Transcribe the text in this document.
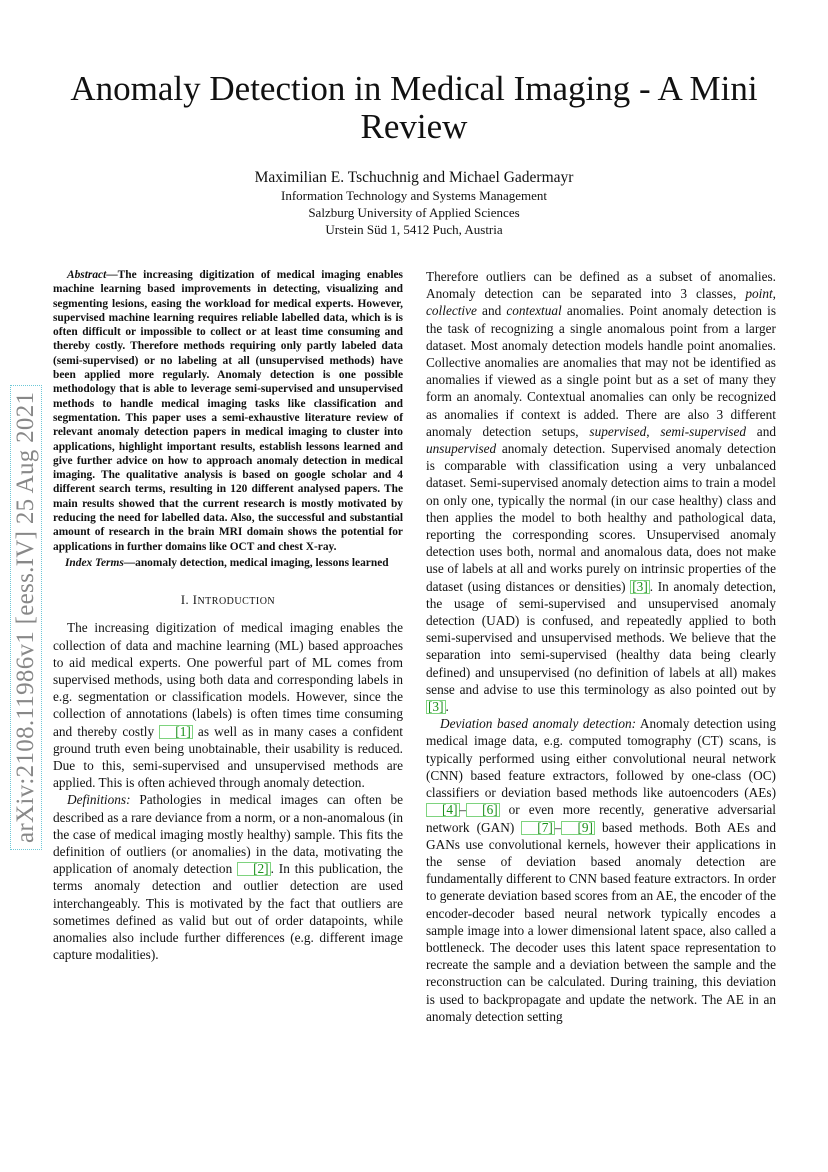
arXiv:2108.11986v1 [eess.IV] 25 Aug 2021
Anomaly Detection in Medical Imaging - A Mini Review
Maximilian E. Tschuchnig and Michael Gadermayr
Information Technology and Systems Management
Salzburg University of Applied Sciences
Urstein Süd 1, 5412 Puch, Austria

Abstract—The increasing digitization of medical imaging enables machine learning based improvements in detecting, visualizing and segmenting lesions, easing the workload for medical experts. However, supervised machine learning requires reliable labelled data, which is is often difficult or impossible to collect or at least time consuming and thereby costly. Therefore methods requiring only partly labeled data (semi-supervised) or no labeling at all (unsupervised methods) have been applied more regularly. Anomaly detection is one possible methodology that is able to leverage semi-supervised and unsupervised methods to handle medical imaging tasks like classification and segmentation. This paper uses a semi-exhaustive literature review of relevant anomaly detection papers in medical imaging to cluster into applications, highlight important results, establish lessons learned and give further advice on how to approach anomaly detection in medical imaging. The qualitative analysis is based on google scholar and 4 different search terms, resulting in 120 different analysed papers. The main results showed that the current research is mostly motivated by reducing the need for labelled data. Also, the successful and substantial amount of research in the brain MRI domain shows the potential for applications in further domains like OCT and chest X-ray.

Index Terms—anomaly detection, medical imaging, lessons learned

I. INTRODUCTION

The increasing digitization of medical imaging enables the collection of data and machine learning (ML) based approaches to aid medical experts. One powerful part of ML comes from supervised methods, using both data and corresponding labels in e.g. segmentation or classification models. However, since the collection of annotations (labels) is often times time consuming and thereby costly [1] as well as in many cases a confident ground truth even being unobtainable, their usability is reduced. Due to this, semi-supervised and unsupervised methods are applied. This is often achieved through anomaly detection.

Definitions: Pathologies in medical images can often be described as a rare deviance from a norm, or a non-anomalous (in the case of medical imaging mostly healthy) sample. This fits the definition of outliers (or anomalies) in the data, motivating the application of anomaly detection [2] . In this publication, the terms anomaly detection and outlier detection are used interchangeably. This is motivated by the fact that outliers are sometimes defined as valid but out of order datapoints, while anomalies also include further differences (e.g. different image capture modalities).

Therefore outliers can be defined as a subset of anomalies. Anomaly detection can be separated into 3 classes, point, collective and contextual anomalies. Point anomaly detection is the task of recognizing a single anomalous point from a larger dataset. Most anomaly detection models handle point anomalies. Collective anomalies are anomalies that may not be identified as anomalies if viewed as a single point but as a set of many they form an anomaly. Contextual anomalies can only be recognized as anomalies if context is added. There are also 3 different anomaly detection setups, supervised, semi-supervised and unsupervised anomaly detection. Supervised anomaly detection is comparable with classification using a very unbalanced dataset. Semi-supervised anomaly detection aims to train a model on only one, typically the normal (in our case healthy) class and then applies the model to both healthy and pathological data, reporting the corresponding scores. Unsupervised anomaly detection uses both, normal and anomalous data, does not make use of labels at all and works purely on intrinsic properties of the dataset (using distances or densities) [3] . In anomaly detection, the usage of semi-supervised and unsupervised anomaly detection (UAD) is confused, and repeatedly applied to both semi-supervised and unsupervised methods. We believe that the separation into semi-supervised (healthy data being clearly defined) and unsupervised (no definition of labels at all) makes sense and advise to use this terminology as also pointed out by [3] .

Deviation based anomaly detection: Anomaly detection using medical image data, e.g. computed tomography (CT) scans, is typically performed using either convolutional neural network (CNN) based feature extractors, followed by one-class (OC) classifiers or deviation based methods like autoencoders (AEs) [4] – [6] or even more recently, generative adversarial network (GAN) [7] – [9] based methods. Both AEs and GANs use convolutional kernels, however their applications in the sense of deviation based anomaly detection are fundamentally different to CNN based feature extractors. In order to generate deviation based scores from an AE, the encoder of the encoder-decoder based neural network typically encodes a sample image into a lower dimensional latent space, also called a bottleneck. The decoder uses this latent space representation to recreate the sample and a deviation between the sample and the reconstruction can be calculated. During training, this deviation is used to backpropagate and update the network. The AE in an anomaly detection setting
